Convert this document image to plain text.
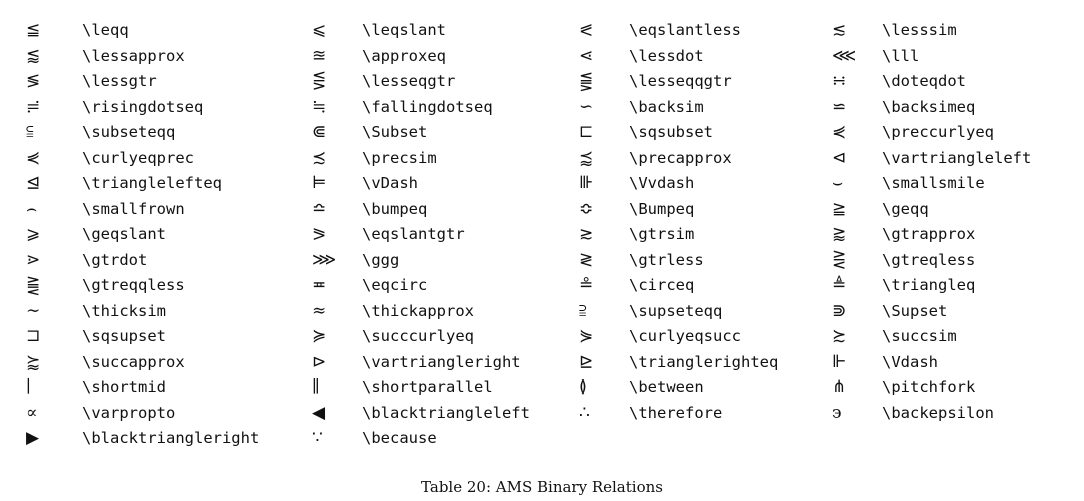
≦	\leqq	⩽	\leqslant	⪕	\eqslantless	≲	\lesssim
⪅	\lessapprox	≊	\approxeq	⋖	\lessdot	⋘	\lll
≶	\lessgtr	⋚	\lesseqgtr	⪋	\lesseqqgtr	∺	\doteqdot
≓	\risingdotseq	≒	\fallingdotseq	∽	\backsim	⋍	\backsimeq
⫅	\subseteqq	⋐	\Subset	⊏	\sqsubset	⋞	\preccurlyeq
⋞	\curlyeqprec	≾	\precsim	⪷	\precapprox	⊲	\vartriangleleft
⊴	\trianglelefteq	⊨	\vDash	⊪	\Vvdash	⌣	\smallsmile
⌢	\smallfrown	≏	\bumpeq	≎	\Bumpeq	≧	\geqq
⩾	\geqslant	⪖	\eqslantgtr	≳	\gtrsim	⪆	\gtrapprox
⋗	\gtrdot	⋙	\ggg	≷	\gtrless	⋛	\gtreqless
⪌	\gtreqqless	≖	\eqcirc	≗	\circeq	≜	\triangleq
∼	\thicksim	≈	\thickapprox	⫆	\supseteqq	⋑	\Supset
⊐	\sqsupset	≽	\succcurlyeq	⋟	\curlyeqsucc	≿	\succsim
⪸	\succapprox	⊳	\vartriangleright	⊵	\trianglerighteq	⊩	\Vdash
∣	\shortmid	∥	\shortparallel	≬	\between	⋔	\pitchfork
∝	\varpropto	◀	\blacktriangleleft	∴	\therefore	϶	\backepsilon
▶	\blacktriangleright	∵	\because
Table 20: AMS Binary Relations
